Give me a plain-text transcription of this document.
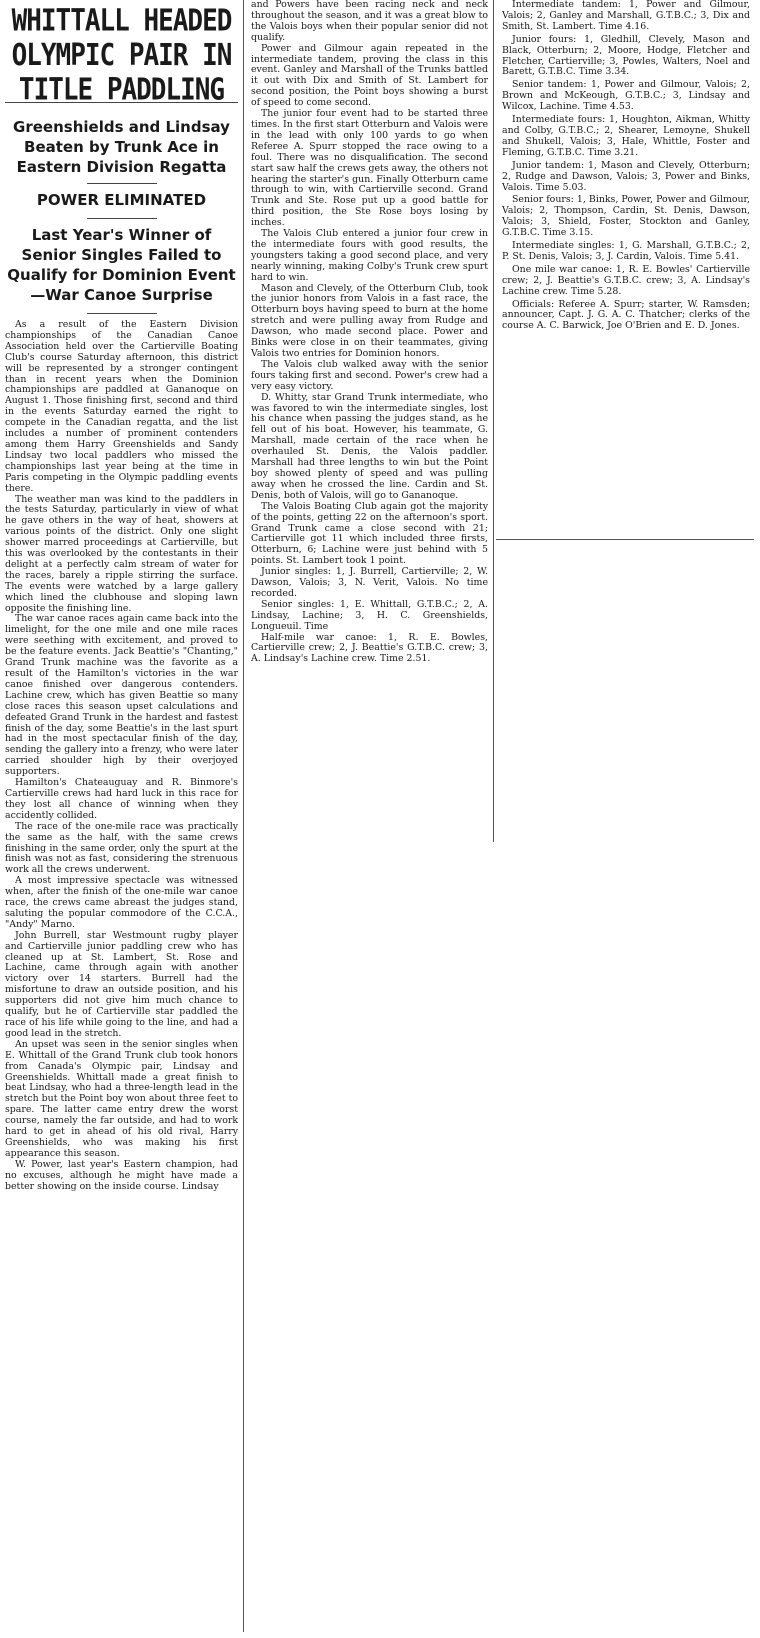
WHITTALL HEADED OLYMPIC PAIR IN TITLE PADDLING
Greenshields and Lindsay Beaten by Trunk Ace in Eastern Division Regatta
POWER ELIMINATED
Last Year's Winner of Senior Singles Failed to Qualify for Dominion Event—War Canoe Surprise

As a result of the Eastern Division championships of the Canadian Canoe Association held over the Cartierville Boating Club's course Saturday afternoon, this district will be represented by a stronger contingent than in recent years when the Dominion championships are paddled at Gananoque on August 1. Those finishing first, second and third in the events Saturday earned the right to compete in the Canadian regatta, and the list includes a number of prominent contenders among them Harry Greenshields and Sandy Lindsay two local paddlers who missed the championships last year being at the time in Paris competing in the Olympic paddling events there.

The weather man was kind to the paddlers in the tests Saturday, particularly in view of what he gave others in the way of heat, showers at various points of the district. Only one slight shower marred proceedings at Cartierville, but this was overlooked by the contestants in their delight at a perfectly calm stream of water for the races, barely a ripple stirring the surface. The events were watched by a large gallery which lined the clubhouse and sloping lawn opposite the finishing line.

The war canoe races again came back into the limelight, for the one mile and one mile races were seething with excitement, and proved to be the feature events. Jack Beattie's "Chanting," Grand Trunk machine was the favorite as a result of the Hamilton's victories in the war canoe finished over dangerous contenders. Lachine crew, which has given Beattie so many close races this season upset calculations and defeated Grand Trunk in the hardest and fastest finish of the day, some Beattie's in the last spurt had in the most spectacular finish of the day, sending the gallery into a frenzy, who were later carried shoulder high by their overjoyed supporters.

Hamilton's Chateauguay and R. Binmore's Cartierville crews had hard luck in this race for they lost all chance of winning when they accidently collided.

The race of the one-mile race was practically the same as the half, with the same crews finishing in the same order, only the spurt at the finish was not as fast, considering the strenuous work all the crews underwent.

A most impressive spectacle was witnessed when, after the finish of the one-mile war canoe race, the crews came abreast the judges stand, saluting the popular commodore of the C.C.A., "Andy" Marno.

John Burrell, star Westmount rugby player and Cartierville junior paddling crew who has cleaned up at St. Lambert, St. Rose and Lachine, came through again with another victory over 14 starters. Burrell had the misfortune to draw an outside position, and his supporters did not give him much chance to qualify, but he of Cartierville star paddled the race of his life while going to the line, and had a good lead in the stretch.

An upset was seen in the senior singles when E. Whittall of the Grand Trunk club took honors from Canada's Olympic pair, Lindsay and Greenshields. Whittall made a great finish to beat Lindsay, who had a three-length lead in the stretch but the Point boy won about three feet to spare. The latter came entry drew the worst course, namely the far outside, and had to work hard to get in ahead of his old rival, Harry Greenshields, who was making his first appearance this season.

W. Power, last year's Eastern champion, had no excuses, although he might have made a better showing on the inside course. Lindsay

and Powers have been racing neck and neck throughout the season, and it was a great blow to the Valois boys when their popular senior did not qualify.

Power and Gilmour again repeated in the intermediate tandem, proving the class in this event. Ganley and Marshall of the Trunks battled it out with Dix and Smith of St. Lambert for second position, the Point boys showing a burst of speed to come second.

The junior four event had to be started three times. In the first start Otterburn and Valois were in the lead with only 100 yards to go when Referee A. Spurr stopped the race owing to a foul. There was no disqualification. The second start saw half the crews gets away, the others not hearing the starter's gun. Finally Otterburn came through to win, with Cartierville second. Grand Trunk and Ste. Rose put up a good battle for third position, the Ste Rose boys losing by inches.

The Valois Club entered a junior four crew in the intermediate fours with good results, the youngsters taking a good second place, and very nearly winning, making Colby's Trunk crew spurt hard to win.

Mason and Clevely, of the Otterburn Club, took the junior honors from Valois in a fast race, the Otterburn boys having speed to burn at the home stretch and were pulling away from Rudge and Dawson, who made second place. Power and Binks were close in on their teammates, giving Valois two entries for Dominion honors.

The Valois club walked away with the senior fours taking first and second. Power's crew had a very easy victory.

D. Whitty, star Grand Trunk intermediate, who was favored to win the intermediate singles, lost his chance when passing the judges stand, as he fell out of his boat. However, his teammate, G. Marshall, made certain of the race when he overhauled St. Denis, the Valois paddler. Marshall had three lengths to win but the Point boy showed plenty of speed and was pulling away when he crossed the line. Cardin and St. Denis, both of Valois, will go to Gananoque.

The Valois Boating Club again got the majority of the points, getting 22 on the afternoon's sport. Grand Trunk came a close second with 21; Cartierville got 11 which included three firsts, Otterburn, 6; Lachine were just behind with 5 points. St. Lambert took 1 point.

Junior singles: 1, J. Burrell, Cartierville; 2, W. Dawson, Valois; 3, N. Verit, Valois. No time recorded.

Senior singles: 1, E. Whittall, G.T.B.C.; 2, A. Lindsay, Lachine; 3, H. C. Greenshields, Longueuil. Time

Half-mile war canoe: 1, R. E. Bowles, Cartierville crew; 2, J. Beattie's G.T.B.C. crew; 3, A. Lindsay's Lachine crew. Time 2.51.

Intermediate tandem: 1, Power and Gilmour, Valois; 2, Ganley and Marshall, G.T.B.C.; 3, Dix and Smith, St. Lambert. Time 4.16.

Junior fours: 1, Gledhill, Clevely, Mason and Black, Otterburn; 2, Moore, Hodge, Fletcher and Fletcher, Cartierville; 3, Powles, Walters, Noel and Barett, G.T.B.C. Time 3.34.

Senior tandem: 1, Power and Gilmour, Valois; 2, Brown and McKeough, G.T.B.C.; 3, Lindsay and Wilcox, Lachine. Time 4.53.

Intermediate fours: 1, Houghton, Aikman, Whitty and Colby, G.T.B.C.; 2, Shearer, Lemoyne, Shukell and Shukell, Valois; 3, Hale, Whittle, Foster and Fleming, G.T.B.C. Time 3.21.

Junior tandem: 1, Mason and Clevely, Otterburn; 2, Rudge and Dawson, Valois; 3, Power and Binks, Valois. Time 5.03.

Senior fours: 1, Binks, Power, Power and Gilmour, Valois; 2, Thompson, Cardin, St. Denis, Dawson, Valois; 3, Shield, Foster, Stockton and Ganley, G.T.B.C. Time 3.15.

Intermediate singles: 1, G. Marshall, G.T.B.C.; 2, P. St. Denis, Valois; 3, J. Cardin, Valois. Time 5.41.

One mile war canoe: 1, R. E. Bowles' Cartierville crew; 2, J. Beattie's G.T.B.C. crew; 3, A. Lindsay's Lachine crew. Time 5.28.

Officials: Referee A. Spurr; starter, W. Ramsden; announcer, Capt. J. G. A. C. Thatcher; clerks of the course A. C. Barwick, Joe O'Brien and E. D. Jones.
